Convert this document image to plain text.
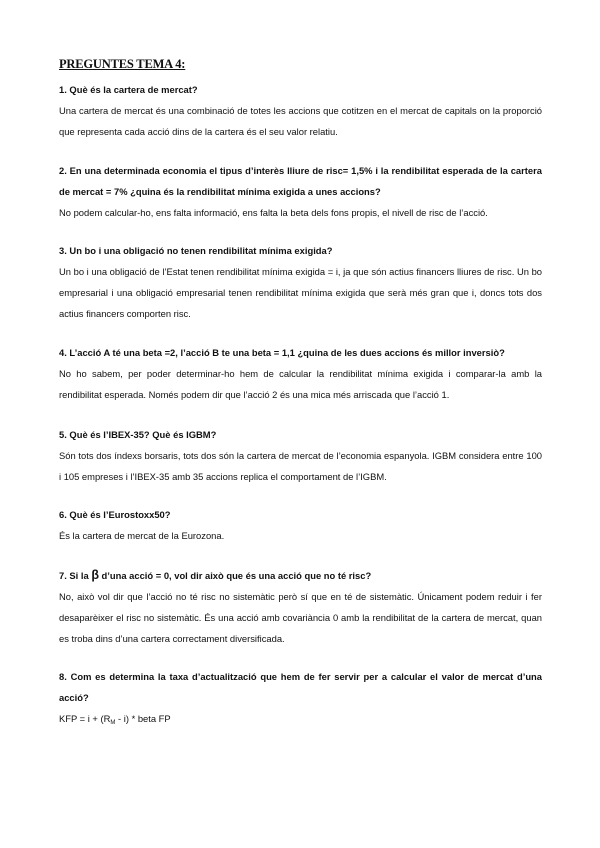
PREGUNTES TEMA 4:
1. Què és la cartera de mercat?
Una cartera de mercat és una combinació de totes les accions que cotitzen en el mercat de capitals on la proporció que representa cada acció dins de la cartera és el seu valor relatiu.
2. En una determinada economia el tipus d’interès lliure de risc= 1,5% i la rendibilitat esperada de la cartera de mercat = 7% ¿quina és la rendibilitat mínima exigida a unes accions?
No podem calcular-ho, ens falta informació, ens falta la beta dels fons propis, el nivell de risc de l’acció.
3. Un bo i una obligació no tenen rendibilitat mínima exigida?
Un bo i una obligació de l’Estat tenen rendibilitat mínima exigida = i, ja que són actius financers lliures de risc. Un bo empresarial i una obligació empresarial tenen rendibilitat mínima exigida que serà més gran que i, doncs tots dos actius financers comporten risc.
4. L’acció A té una beta =2, l’acció B te una beta = 1,1 ¿quina de les dues accions és millor inversiò?
No ho sabem, per poder determinar-ho hem de calcular la rendibilitat mínima exigida i comparar-la amb la rendibilitat esperada. Només podem dir que l’acció 2 és una mica més arriscada que l’acció 1.
5. Què és l’IBEX-35? Què és IGBM?
Són tots dos índexs borsaris, tots dos són la cartera de mercat de l’economia espanyola. IGBM considera entre 100 i 105 empreses i l’IBEX-35 amb 35 accions replica el comportament de l’IGBM.
6. Què és l’Eurostoxx50?
És la cartera de mercat de la Eurozona.
7. Si la β d’una acció = 0, vol dir això que és una acció que no té risc?
No, això vol dir que l’acció no té risc no sistemàtic però sí que en té de sistemàtic. Únicament podem reduir i fer desaparèixer el risc no sistemàtic. És una acció amb covariància 0 amb la rendibilitat de la cartera de mercat, quan es troba dins d’una cartera correctament diversificada.
8. Com es determina la taxa d’actualització que hem de fer servir per a calcular el valor de mercat d’una acció?
KFP = $i + (R_M - i)$ * beta FP
